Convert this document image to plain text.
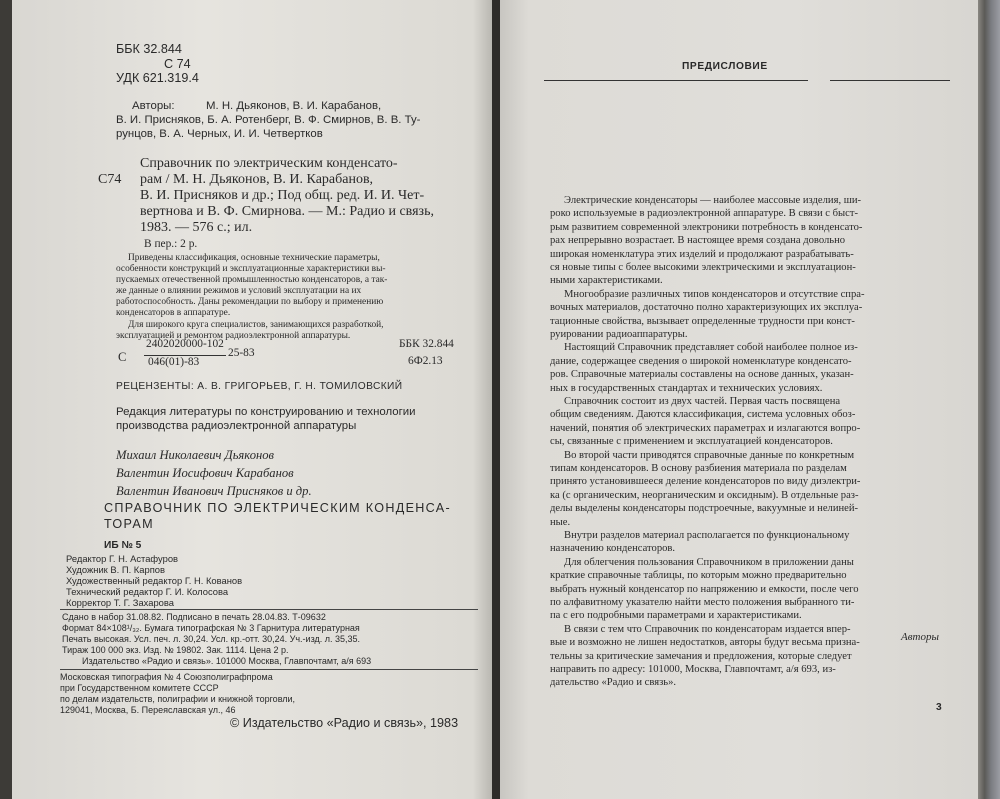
ББК 32.844
С 74
УДК 621.319.4
Авторы:	М. Н. Дьяконов, В. И. Карабанов,
В. И. Присняков, Б. А. Ротенберг, В. Ф. Смирнов, В. В. Ту-
рунцов, В. А. Черных, И. И. Четвертков
Справочник по электрическим конденсато-
С74 рам / М. Н. Дьяконов, В. И. Карабанов,
В. И. Присняков и др.; Под общ. ред. И. И. Чет-
вертнова и В. Ф. Смирнова. — М.: Радио и связь,
1983. — 576 с.; ил.
В пер.: 2 р.
Приведены классификация, основные технические параметры,
особенности конструкций и эксплуатационные характеристики вы-
пускаемых отечественной промышленностью конденсаторов, а так-
же данные о влиянии режимов и условий эксплуатации на их
работоспособность. Даны рекомендации по выбору и применению
конденсаторов в аппаратуре.
Для широкого круга специалистов, занимающихся разработкой,
эксплуатацией и ремонтом радиоэлектронной аппаратуры.
С
2402020000-102
046(01)-83
25-83
ББК 32.844
6Ф2.13
РЕЦЕНЗЕНТЫ: А. В. ГРИГОРЬЕВ, Г. Н. ТОМИЛОВСКИЙ
Редакция литературы по конструированию и технологии
производства радиоэлектронной аппаратуры
Михаил Николаевич Дьяконов
Валентин Иосифович Карабанов
Валентин Иванович Присняков и др.
СПРАВОЧНИК ПО ЭЛЕКТРИЧЕСКИМ КОНДЕНСА-
ТОРАМ
ИБ № 5
Редактор Г. Н. Астафуров
Художник В. П. Карпов
Художественный редактор Г. Н. Кованов
Технический редактор Г. И. Колосова
Корректор Т. Г. Захарова
Сдано в набор 31.08.82. Подписано в печать 28.04.83. Т-09632
Формат 84×108¹/₃₂. Бумага типографская № 3 Гарнитура литературная
Печать высокая. Усл. печ. л. 30,24. Усл. кр.-отт. 30,24. Уч.-изд. л. 35,35.
Тираж 100 000 экз. Изд. № 19802. Зак. 1114. Цена 2 р.
Издательство «Радио и связь». 101000 Москва, Главпочтамт, а/я 693
Московская типография № 4 Союзполиграфпрома
при Государственном комитете СССР
по делам издательств, полиграфии и книжной торговли,
129041, Москва, Б. Переяславская ул., 46
© Издательство «Радио и связь», 1983
ПРЕДИСЛОВИЕ
Электрические конденсаторы — наиболее массовые изделия, ши-
роко используемые в радиоэлектронной аппаратуре. В связи с быст-
рым развитием современной электроники потребность в конденсато-
рах непрерывно возрастает. В настоящее время создана довольно
широкая номенклатура этих изделий и продолжают разрабатывать-
ся новые типы с более высокими электрическими и эксплуатацион-
ными характеристиками.
Многообразие различных типов конденсаторов и отсутствие спра-
вочных материалов, достаточно полно характеризующих их эксплуа-
тационные свойства, вызывает определенные трудности при конст-
руировании радиоаппаратуры.
Настоящий Справочник представляет собой наиболее полное из-
дание, содержащее сведения о широкой номенклатуре конденсато-
ров. Справочные материалы составлены на основе данных, указан-
ных в государственных стандартах и технических условиях.
Справочник состоит из двух частей. Первая часть посвящена
общим сведениям. Даются классификация, система условных обоз-
начений, понятия об электрических параметрах и излагаются вопро-
сы, связанные с применением и эксплуатацией конденсаторов.
Во второй части приводятся справочные данные по конкретным
типам конденсаторов. В основу разбиения материала по разделам
принято установившееся деление конденсаторов по виду диэлектри-
ка (с органическим, неорганическим и оксидным). В отдельные раз-
делы выделены конденсаторы подстроечные, вакуумные и нелиней-
ные.
Внутри разделов материал располагается по функциональному
назначению конденсаторов.
Для облегчения пользования Справочником в приложении даны
краткие справочные таблицы, по которым можно предварительно
выбрать нужный конденсатор по напряжению и емкости, после чего
по алфавитному указателю найти место положения выбранного ти-
па с его подробными параметрами и характеристиками.
В связи с тем что Справочник по конденсаторам издается впер-
вые и возможно не лишен недостатков, авторы будут весьма призна-
тельны за критические замечания и предложения, которые следует
направить по адресу: 101000, Москва, Главпочтамт, а/я 693, из-
дательство «Радио и связь».
Авторы
3
